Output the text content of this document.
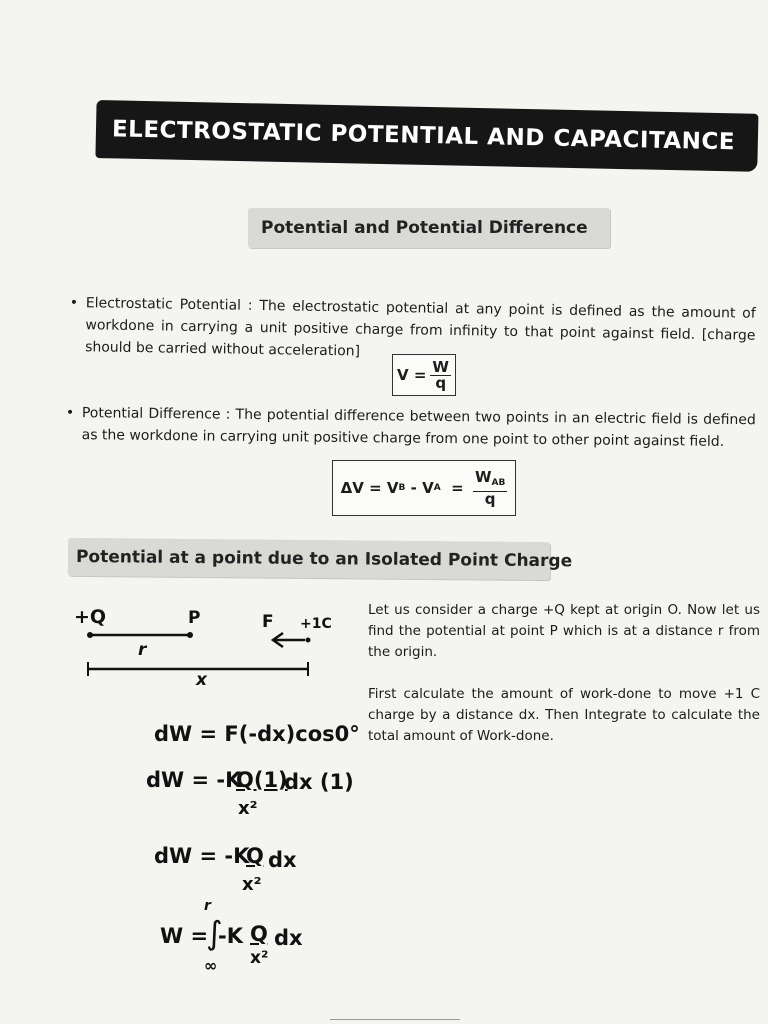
ELECTROSTATIC POTENTIAL AND CAPACITANCE
Potential and Potential Difference
• Electrostatic Potential : The electrostatic potential at any point is defined as the amount of workdone in carrying a unit positive charge from infinity to that point against field. [charge should be carried without acceleration]
$V = \frac{W}{q}$
• Potential Difference : The potential difference between two points in an electric field is defined as the workdone in carrying unit positive charge from one point to other point against field.
ΔV
=
V B
-
V A
=
$\frac{W_{AB}}{q}$
Potential at a point due to an Isolated Point Charge
+Q	P	F +1C
r
x
Let us consider a charge +Q kept at origin O. Now let us find the potential at point P which is at a distance r from the origin.
First calculate the amount of work-done to move +1 C charge by a distance dx. Then Integrate to calculate the total amount of Work-done.
dW = F(-dx)cos0°
dW = -K
Q(1)
x²
dx (1)
dW = -K
Q
x²
dx
r
W =
∫
∞
-K Q
x²
dx
